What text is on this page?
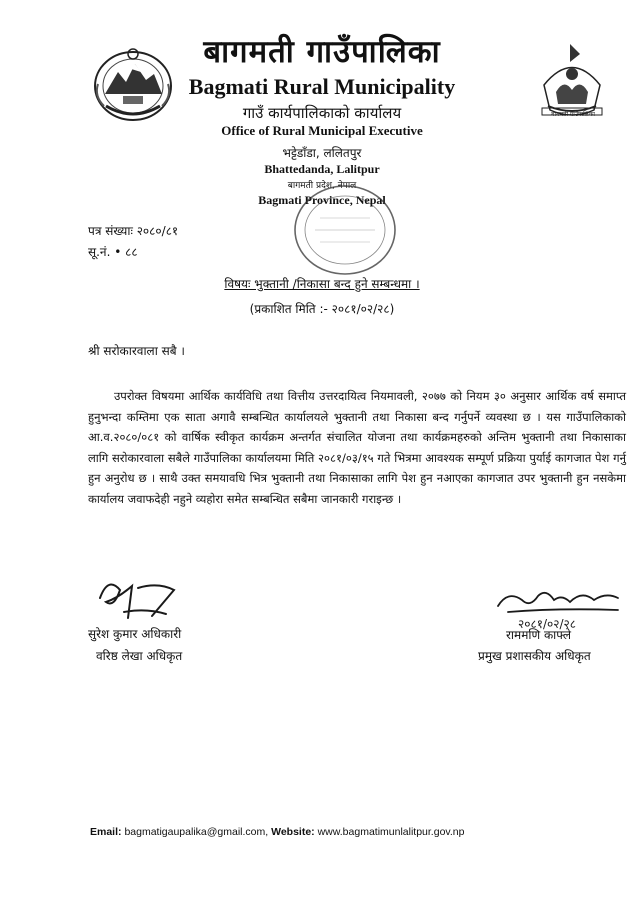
बागमती गाउँपालिका
बागमती गाउँपालिका
Bagmati Rural Municipality
गाउँ कार्यपालिकाको कार्यालय
Office of Rural Municipal Executive
भट्टेडाँडा, ललितपुर
Bhattedanda, Lalitpur
बागमती प्रदेश, नेपाल
Bagmati Province, Nepal
पत्र संख्याः २०८०/८१
सू.नं. • ८८
विषयः भुक्तानी /निकासा बन्द हुने सम्बन्धमा ।
(प्रकाशित मिति :- २०८१/०२/२८)
श्री सरोकारवाला सबै ।
उपरोक्त विषयमा आर्थिक कार्यविधि तथा वित्तीय उत्तरदायित्व नियमावली, २०७७ को नियम ३० अनुसार आर्थिक वर्ष समाप्त हुनुभन्दा कम्तिमा एक साता अगावै सम्बन्धित कार्यालयले भुक्तानी तथा निकासा बन्द गर्नुपर्ने व्यवस्था छ । यस गाउँपालिकाको आ.व.२०८०/०८१ को वार्षिक स्वीकृत कार्यक्रम अन्तर्गत संचालित योजना तथा कार्यक्रमहरुको अन्तिम भुक्तानी तथा निकासाका लागि सरोकारवाला सबैले गाउँपालिका कार्यालयमा मिति २०८१/०३/१५ गते भित्रमा आवश्यक सम्पूर्ण प्रक्रिया पुर्याई कागजात पेश गर्नु हुन अनुरोध छ । साथै उक्त समयावधि भित्र भुक्तानी तथा निकासाका लागि पेश हुन नआएका कागजात उपर भुक्तानी हुन नसकेमा कार्यालय जवाफदेही नहुने व्यहोरा समेत सम्बन्धित सबैमा जानकारी गराइन्छ ।
सुरेश कुमार अधिकारी
वरिष्ठ लेखा अधिकृत
२०८१/०२/२८
राममणि काफ्ले
प्रमुख प्रशासकीय अधिकृत
Email: bagmatigaupalika@gmail.com, Website: www.bagmatimunlalitpur.gov.np
